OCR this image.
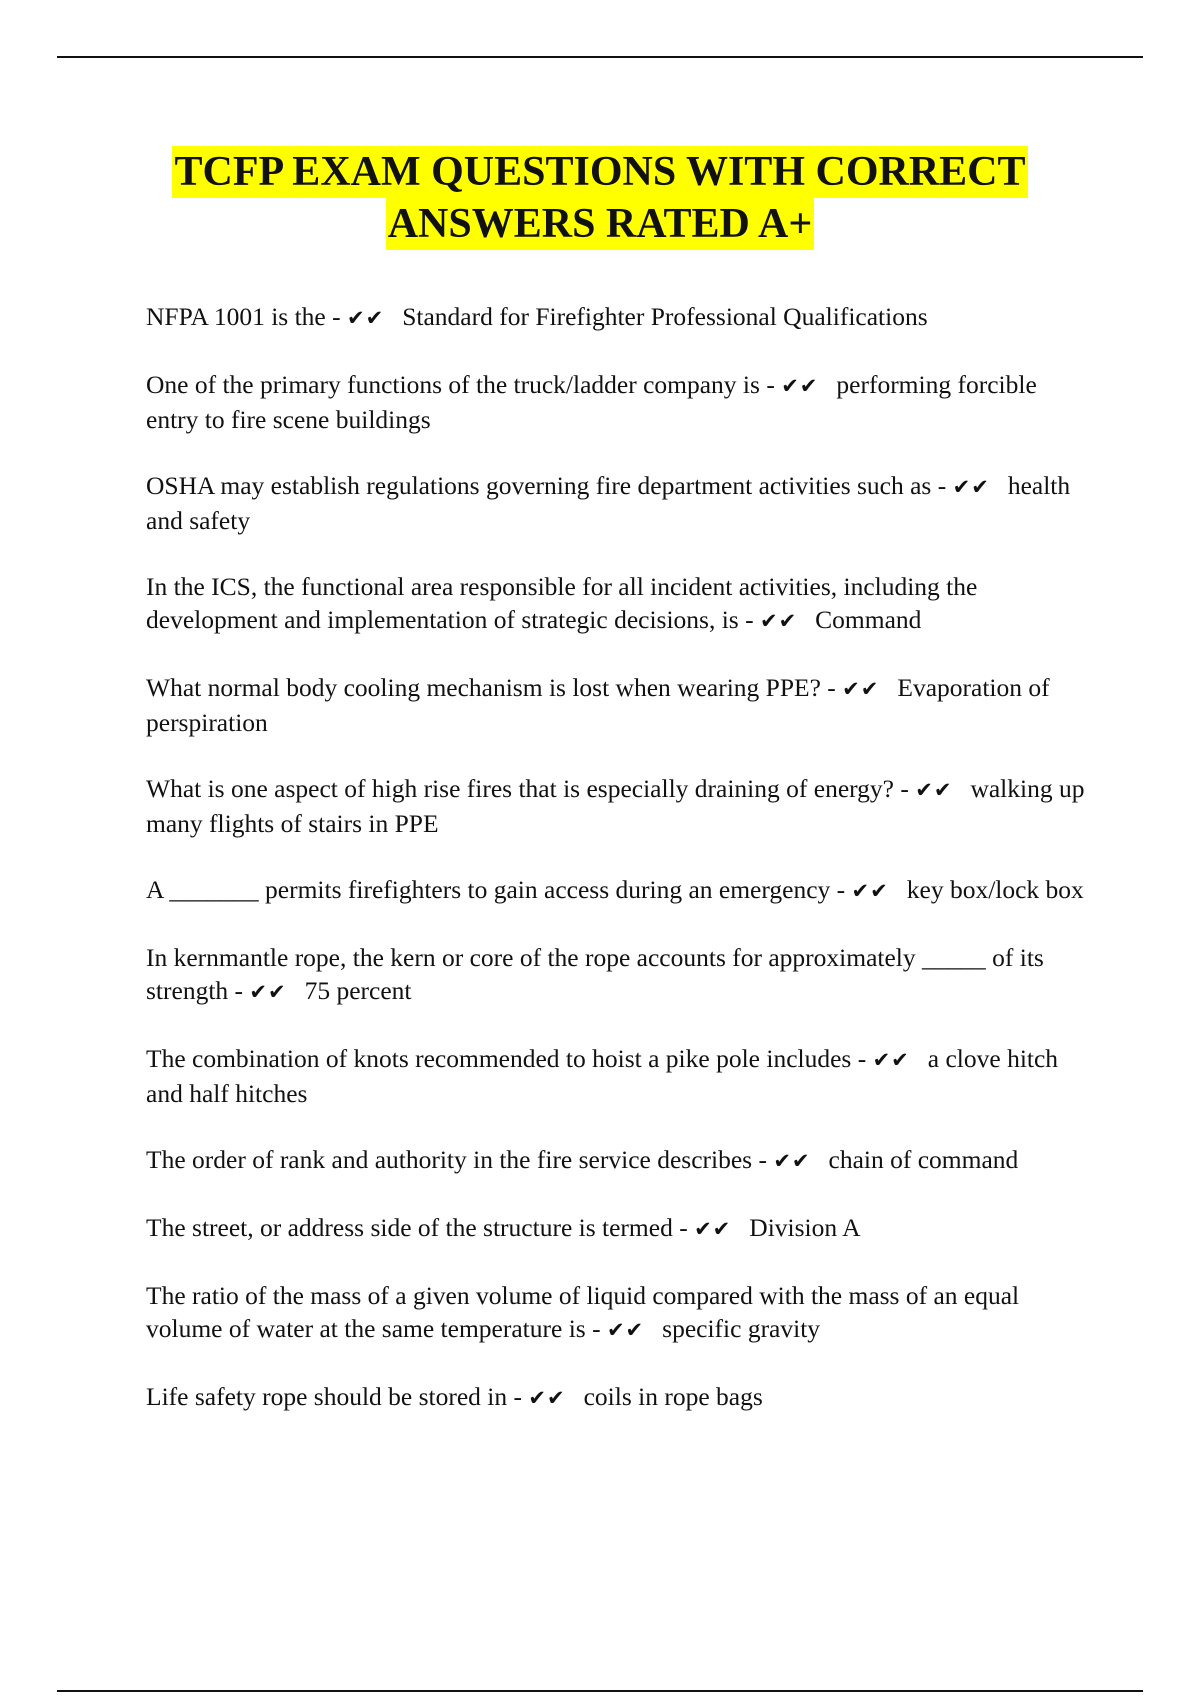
TCFP EXAM QUESTIONS WITH CORRECT
ANSWERS RATED A+

NFPA 1001 is the - ✔✔ Standard for Firefighter Professional Qualifications

One of the primary functions of the truck/ladder company is - ✔✔ performing forcible entry to fire scene buildings

OSHA may establish regulations governing fire department activities such as - ✔✔ health and safety

In the ICS, the functional area responsible for all incident activities, including the development and implementation of strategic decisions, is - ✔✔ Command

What normal body cooling mechanism is lost when wearing PPE? - ✔✔ Evaporation of perspiration

What is one aspect of high rise fires that is especially draining of energy? - ✔✔ walking up many flights of stairs in PPE

A _______ permits firefighters to gain access during an emergency - ✔✔ key box/lock box

In kernmantle rope, the kern or core of the rope accounts for approximately _____ of its strength - ✔✔ 75 percent

The combination of knots recommended to hoist a pike pole includes - ✔✔ a clove hitch and half hitches

The order of rank and authority in the fire service describes - ✔✔ chain of command

The street, or address side of the structure is termed - ✔✔ Division A

The ratio of the mass of a given volume of liquid compared with the mass of an equal volume of water at the same temperature is - ✔✔ specific gravity

Life safety rope should be stored in - ✔✔ coils in rope bags
